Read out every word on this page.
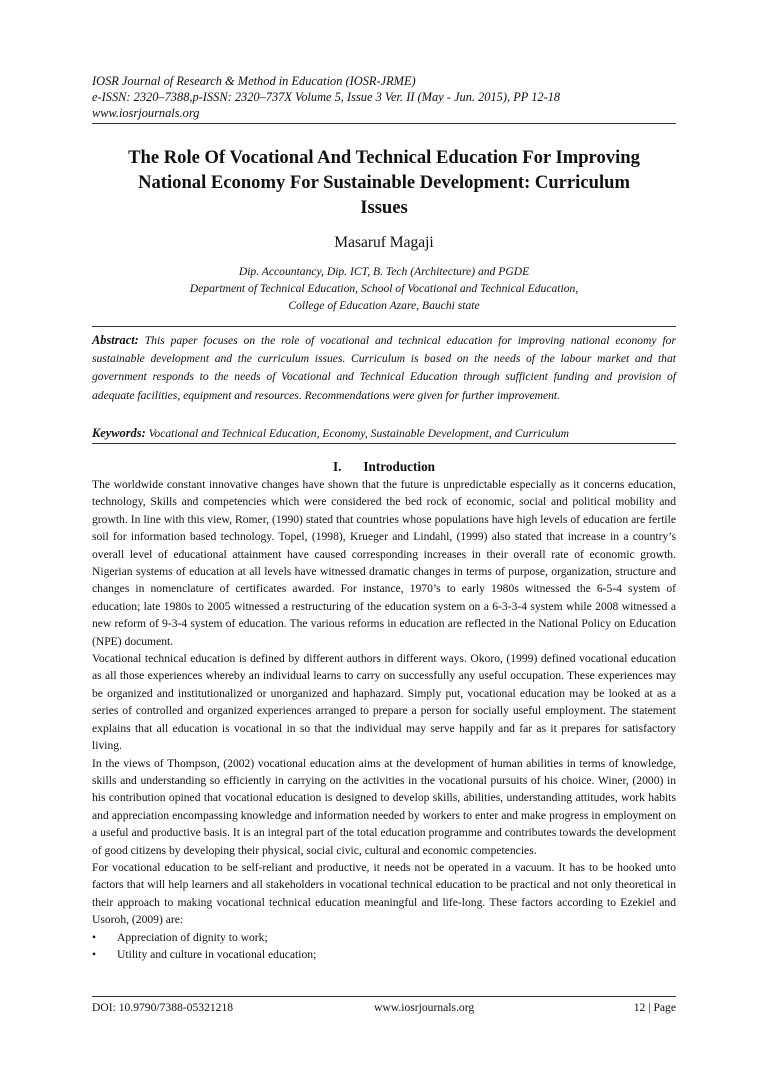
IOSR Journal of Research & Method in Education (IOSR-JRME)
e-ISSN: 2320–7388,p-ISSN: 2320–737X Volume 5, Issue 3 Ver. II (May - Jun. 2015), PP 12-18
www.iosrjournals.org
The Role Of Vocational And Technical Education For Improving
National Economy For Sustainable Development: Curriculum
Issues
Masaruf Magaji
Dip. Accountancy, Dip. ICT, B. Tech (Architecture) and PGDE
Department of Technical Education, School of Vocational and Technical Education,
College of Education Azare, Bauchi state
Abstract: This paper focuses on the role of vocational and technical education for improving national economy for sustainable development and the curriculum issues. Curriculum is based on the needs of the labour market and that government responds to the needs of Vocational and Technical Education through sufficient funding and provision of adequate facilities, equipment and resources. Recommendations were given for further improvement.
Keywords: Vocational and Technical Education, Economy, Sustainable Development, and Curriculum
I. Introduction

The worldwide constant innovative changes have shown that the future is unpredictable especially as it concerns education, technology, Skills and competencies which were considered the bed rock of economic, social and political mobility and growth. In line with this view, Romer, (1990) stated that countries whose populations have high levels of education are fertile soil for information based technology. Topel, (1998), Krueger and Lindahl, (1999) also stated that increase in a country’s overall level of educational attainment have caused corresponding increases in their overall rate of economic growth. Nigerian systems of education at all levels have witnessed dramatic changes in terms of purpose, organization, structure and changes in nomenclature of certificates awarded. For instance, 1970’s to early 1980s witnessed the 6-5-4 system of education; late 1980s to 2005 witnessed a restructuring of the education system on a 6-3-3-4 system while 2008 witnessed a new reform of 9-3-4 system of education. The various reforms in education are reflected in the National Policy on Education (NPE) document.

Vocational technical education is defined by different authors in different ways. Okoro, (1999) defined vocational education as all those experiences whereby an individual learns to carry on successfully any useful occupation. These experiences may be organized and institutionalized or unorganized and haphazard. Simply put, vocational education may be looked at as a series of controlled and organized experiences arranged to prepare a person for socially useful employment. The statement explains that all education is vocational in so that the individual may serve happily and far as it prepares for satisfactory living.

In the views of Thompson, (2002) vocational education aims at the development of human abilities in terms of knowledge, skills and understanding so efficiently in carrying on the activities in the vocational pursuits of his choice. Winer, (2000) in his contribution opined that vocational education is designed to develop skills, abilities, understanding attitudes, work habits and appreciation encompassing knowledge and information needed by workers to enter and make progress in employment on a useful and productive basis. It is an integral part of the total education programme and contributes towards the development of good citizens by developing their physical, social civic, cultural and economic competencies.

For vocational education to be self-reliant and productive, it needs not be operated in a vacuum. It has to be hooked unto factors that will help learners and all stakeholders in vocational technical education to be practical and not only theoretical in their approach to making vocational technical education meaningful and life-long. These factors according to Ezekiel and Usoroh, (2009) are:

• Appreciation of dignity to work;
• Utility and culture in vocational education;
DOI: 10.9790/7388-05321218	www.iosrjournals.org	12 | Page
